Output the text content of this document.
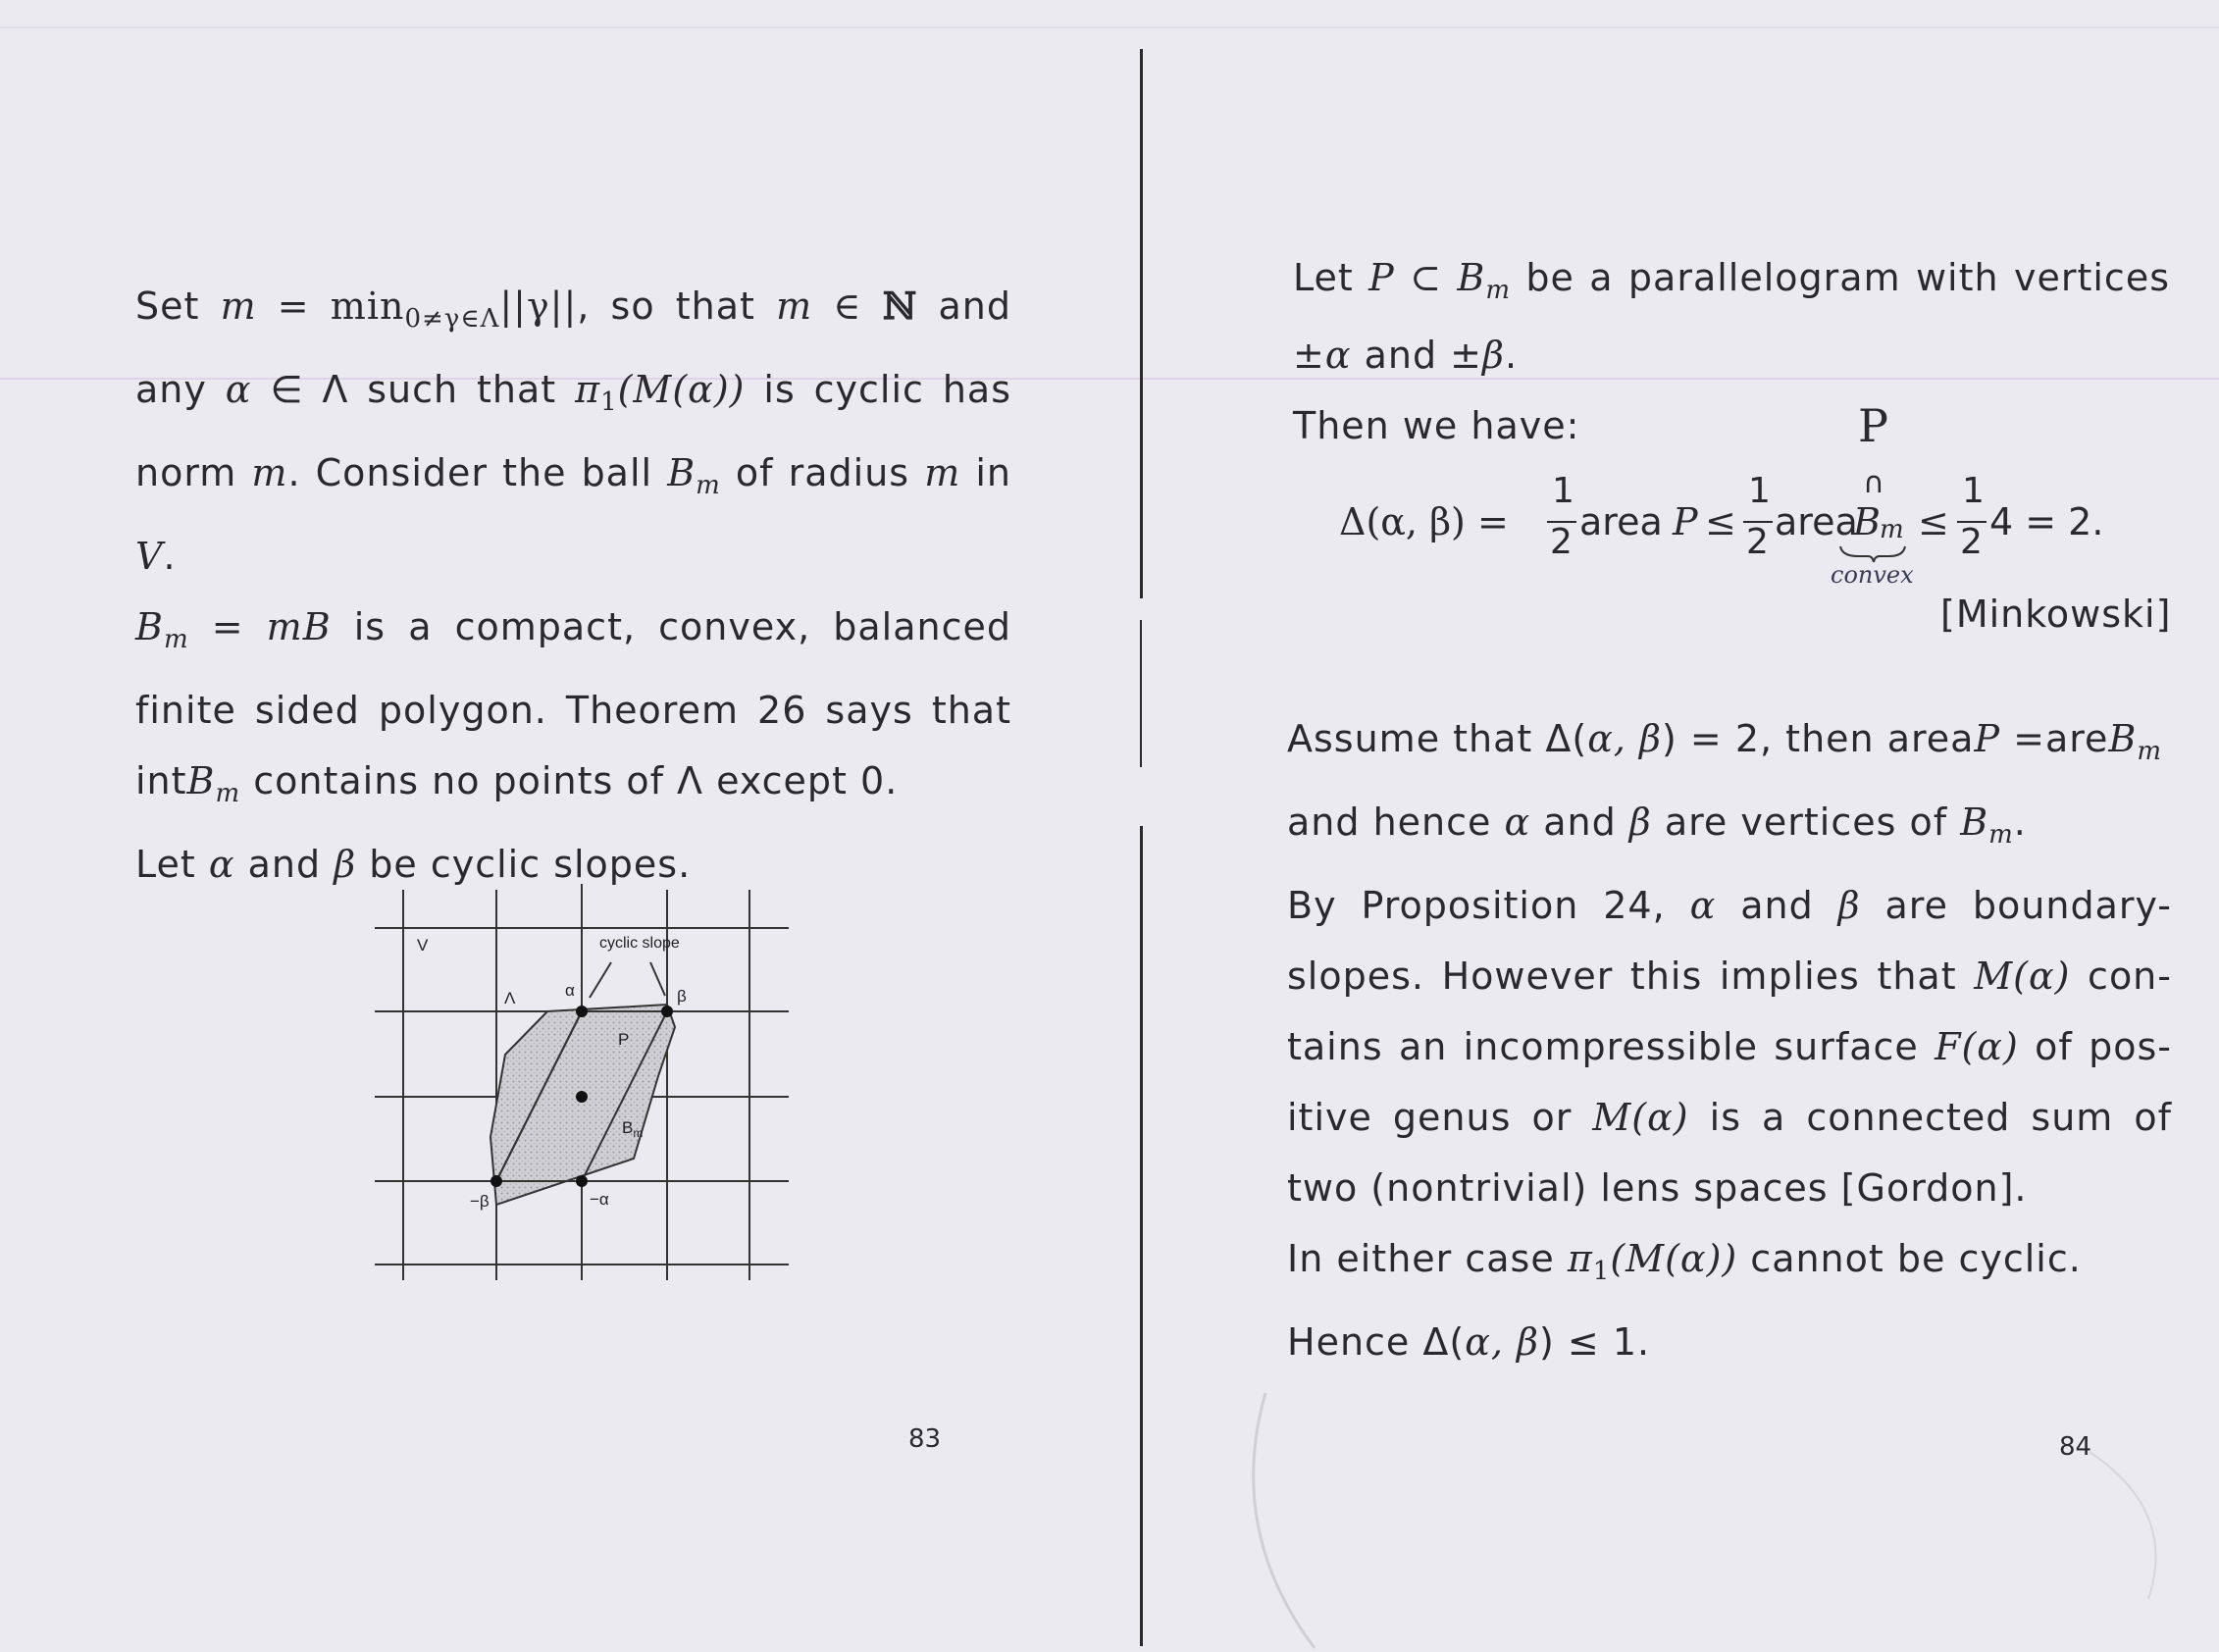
Set $m = \min_{0\ne\gamma\in\Lambda}||\gamma||$, so that m ∈ ℕ and

any α ∈ Λ such that $\pi_1(M(\alpha))$ is cyclic has

norm m. Consider the ball $B_m$ of radius m in

V.

$B_m$ = mB is a compact, convex, balanced

finite sided polygon. Theorem 26 says that

intB$_m$ contains no points of Λ except 0.

Let α and β be cyclic slopes.

V	cyclic slope
Λ	α	β
P
$B_m$
−β	−α
83

Let P ⊂ $B_m$ be a parallelogram with vertices

±α and ±β.

Then we have:	P
∩
Δ(α, β) =
1
2 area P ≤
1
2 area
B m ≤
1
2 4 = 2.
convex
[Minkowski]

Assume that Δ(α, β) = 2, then areaP =areB$_m$

and hence α and β are vertices of $B_m$.

By Proposition 24, α and β are boundary-

slopes. However this implies that M(α) con-

tains an incompressible surface F(α) of pos-

itive genus or M(α) is a connected sum of

two (nontrivial) lens spaces [Gordon].

In either case $\pi_1(M(\alpha))$ cannot be cyclic.

Hence Δ(α, β) ≤ 1.

84
